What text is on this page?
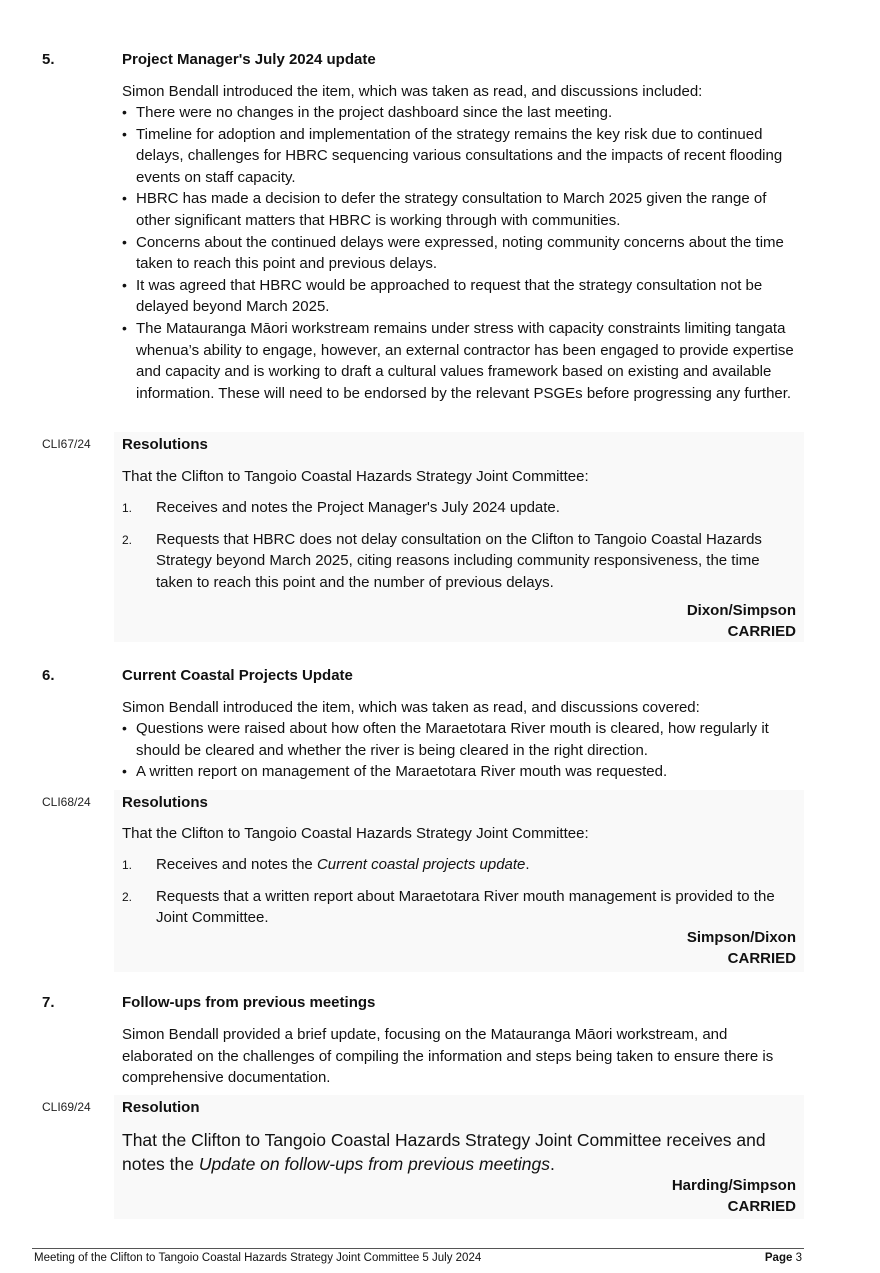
5.	Project Manager's July 2024 update
Simon Bendall introduced the item, which was taken as read, and discussions included:
• There were no changes in the project dashboard since the last meeting.
• Timeline for adoption and implementation of the strategy remains the key risk due to continued delays, challenges for HBRC sequencing various consultations and the impacts of recent flooding events on staff capacity.
• HBRC has made a decision to defer the strategy consultation to March 2025 given the range of other significant matters that HBRC is working through with communities.
• Concerns about the continued delays were expressed, noting community concerns about the time taken to reach this point and previous delays.
• It was agreed that HBRC would be approached to request that the strategy consultation not be delayed beyond March 2025.
• The Matauranga Māori workstream remains under stress with capacity constraints limiting tangata whenua’s ability to engage, however, an external contractor has been engaged to provide expertise and capacity and is working to draft a cultural values framework based on existing and available information. These will need to be endorsed by the relevant PSGEs before progressing any further.
CLI67/24 Resolutions
That the Clifton to Tangoio Coastal Hazards Strategy Joint Committee:
1. Receives and notes the Project Manager's July 2024 update.
2. Requests that HBRC does not delay consultation on the Clifton to Tangoio Coastal Hazards Strategy beyond March 2025, citing reasons including community responsiveness, the time taken to reach this point and the number of previous delays.
Dixon/Simpson
CARRIED
6.	Current Coastal Projects Update
Simon Bendall introduced the item, which was taken as read, and discussions covered:
• Questions were raised about how often the Maraetotara River mouth is cleared, how regularly it should be cleared and whether the river is being cleared in the right direction.
• A written report on management of the Maraetotara River mouth was requested.
CLI68/24 Resolutions
That the Clifton to Tangoio Coastal Hazards Strategy Joint Committee:
1. Receives and notes the Current coastal projects update.
2. Requests that a written report about Maraetotara River mouth management is provided to the Joint Committee.
Simpson/Dixon
CARRIED
7.	Follow-ups from previous meetings
Simon Bendall provided a brief update, focusing on the Matauranga Māori workstream, and elaborated on the challenges of compiling the information and steps being taken to ensure there is comprehensive documentation.
CLI69/24 Resolution
That the Clifton to Tangoio Coastal Hazards Strategy Joint Committee receives and notes the Update on follow-ups from previous meetings.
Harding/Simpson
CARRIED
Meeting of the Clifton to Tangoio Coastal Hazards Strategy Joint Committee 5 July 2024	Page 3
